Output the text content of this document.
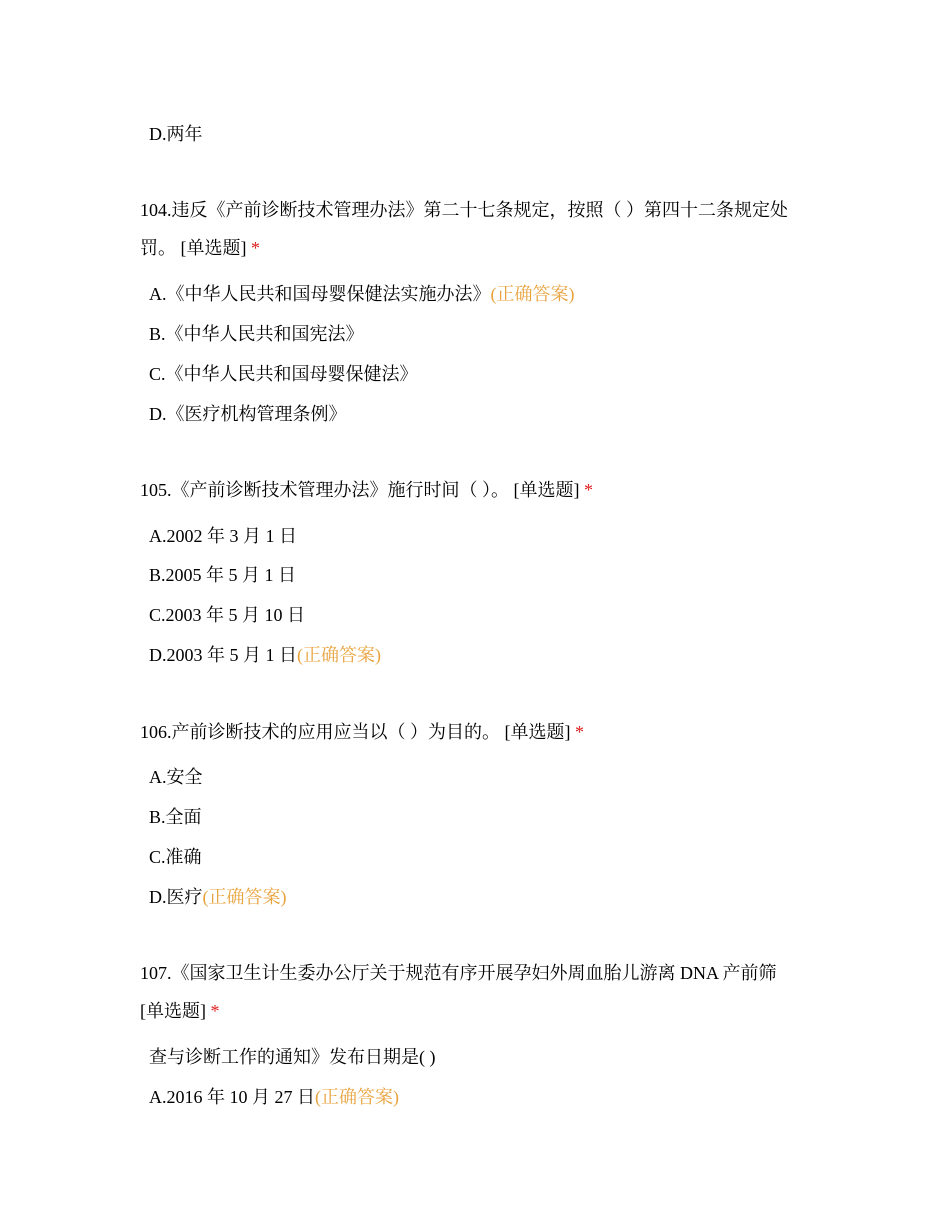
D.两年
104.违反《产前诊断技术管理办法》第二十七条规定，按照（ ）第四十二条规定处
罚。 [单选题] *
A.《中华人民共和国母婴保健法实施办法》(正确答案)
B.《中华人民共和国宪法》
C.《中华人民共和国母婴保健法》
D.《医疗机构管理条例》
105.《产前诊断技术管理办法》施行时间（ ）。 [单选题] *
A.2002 年 3 月 1 日
B.2005 年 5 月 1 日
C.2003 年 5 月 10 日
D.2003 年 5 月 1 日(正确答案)
106.产前诊断技术的应用应当以（ ）为目的。 [单选题] *
A.安全
B.全面
C.准确
D.医疗(正确答案)
107.《国家卫生计生委办公厅关于规范有序开展孕妇外周血胎儿游离 DNA 产前筛
[单选题] *
查与诊断工作的通知》发布日期是( )
A.2016 年 10 月 27 日(正确答案)
